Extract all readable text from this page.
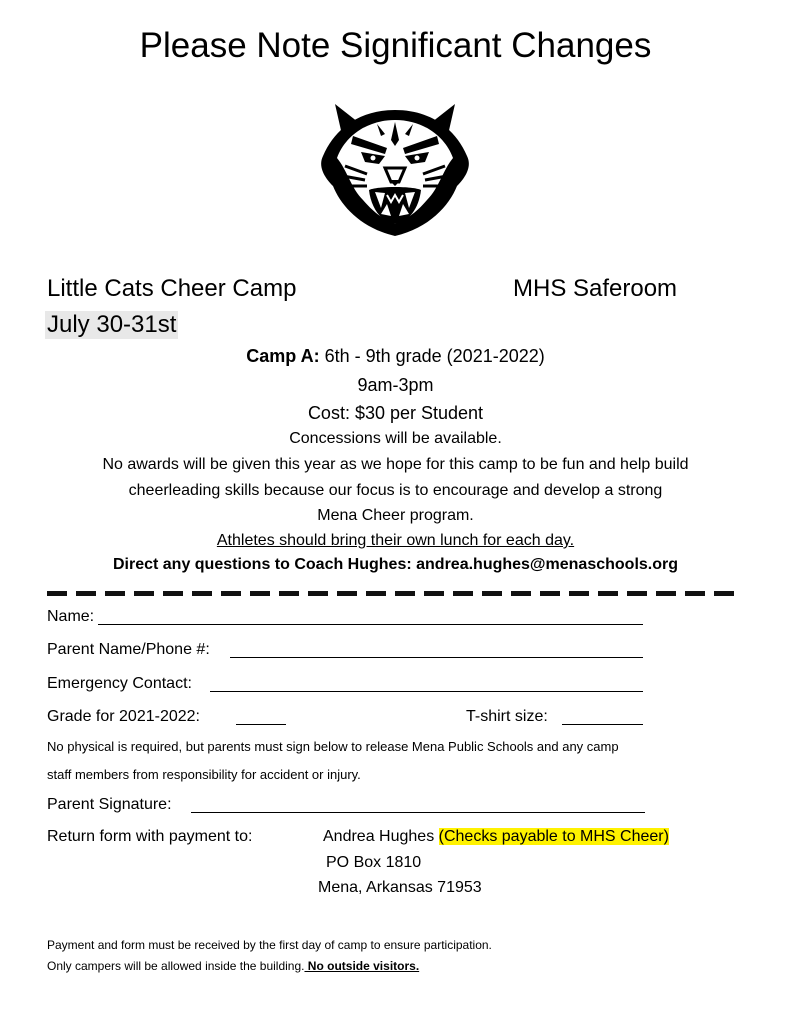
Please Note Significant Changes
Little Cats Cheer Camp	MHS Saferoom
July 30-31st
Camp A: 6th - 9th grade (2021-2022)
9am-3pm
Cost: $30 per Student
Concessions will be available.
No awards will be given this year as we hope for this camp to be fun and help build
cheerleading skills because our focus is to encourage and develop a strong
Mena Cheer program.
Athletes should bring their own lunch for each day.
Direct any questions to Coach Hughes: andrea.hughes@menaschools.org
Name:
Parent Name/Phone #:
Emergency Contact:
Grade for 2021-2022:	T-shirt size:
No physical is required, but parents must sign below to release Mena Public Schools and any camp
staff members from responsibility for accident or injury.
Parent Signature:
Return form with payment to:	Andrea Hughes (Checks payable to MHS Cheer)
PO Box 1810
Mena, Arkansas 71953
Payment and form must be received by the first day of camp to ensure participation.
Only campers will be allowed inside the building. No outside visitors.
